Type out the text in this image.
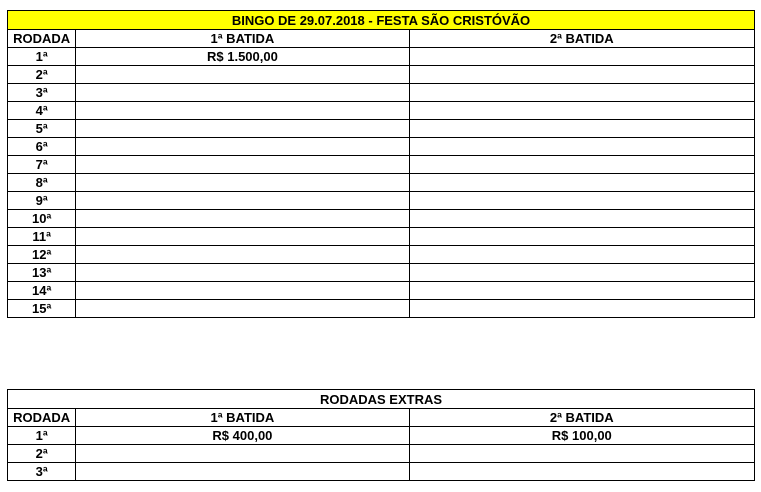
BINGO DE 29.07.2018 - FESTA SÃO CRISTÓVÃO		
RODADA	1ª BATIDA	2ª BATIDA
1ª	R$ 1.500,00	
2ª		
3ª		
4ª		
5ª		
6ª		
7ª		
8ª		
9ª		
10ª		
11ª		
12ª		
13ª		
14ª		
15ª		
RODADAS EXTRAS		
RODADA	1ª BATIDA	2ª BATIDA
1ª	R$ 400,00	R$ 100,00
2ª		
3ª		
